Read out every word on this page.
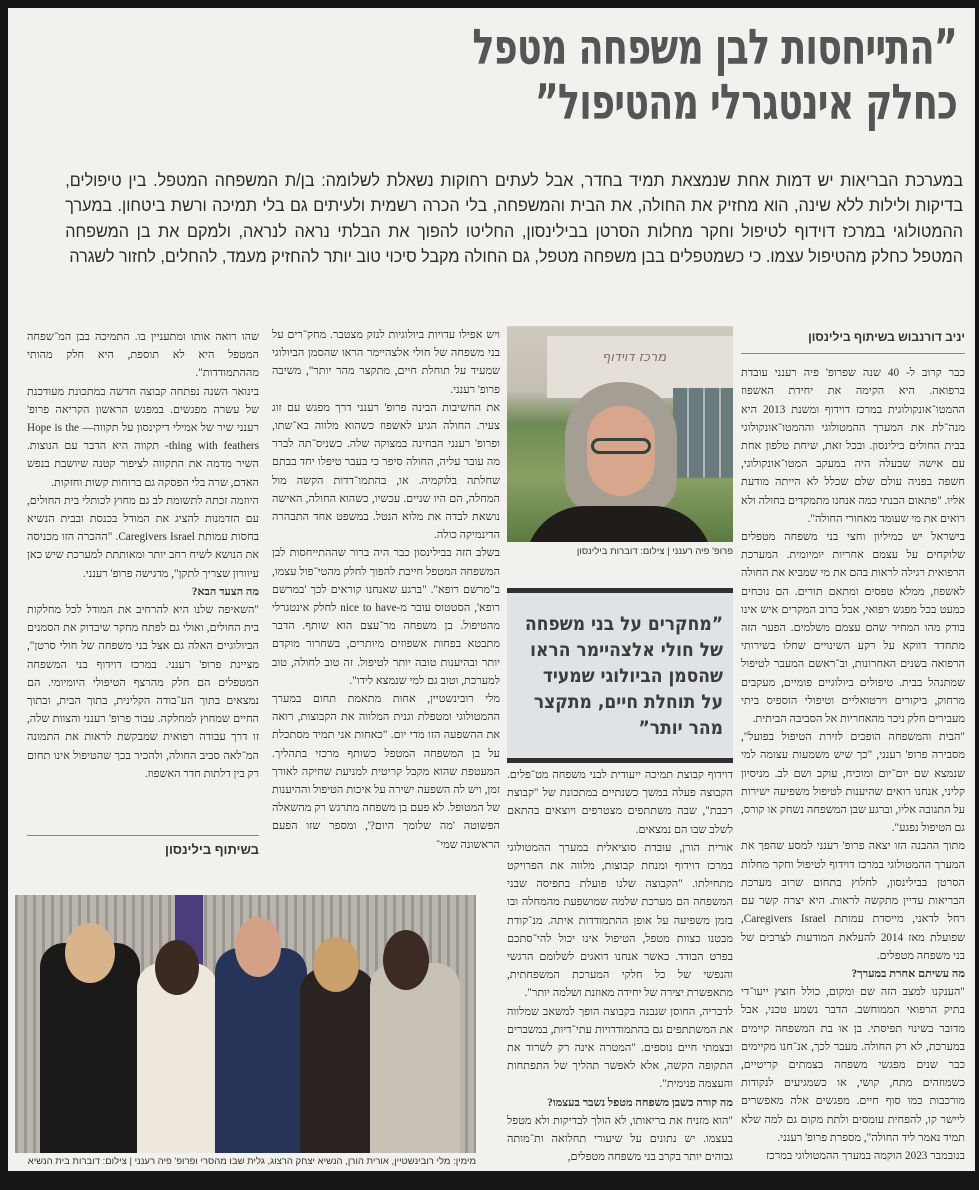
”התייחסות לבן משפחה מטפל
כחלק אינטגרלי מהטיפול”
במערכת הבריאות יש דמות אחת שנמצאת תמיד בחדר, אבל לעתים רחוקות נשאלת לשלומה: בן/ת המשפחה המטפל. בין טיפולים, בדיקות ולילות ללא שינה, הוא מחזיק את החולה, את הבית והמשפחה, בלי הכרה רשמית ולעיתים גם בלי תמיכה ורשת ביטחון. במערך ההמטולוגי במרכז דוידוף לטיפול וחקר מחלות הסרטן בבילינסון, החליטו להפוך את הבלתי נראה לנראה, ולמקם את בן המשפחה המטפל כחלק מהטיפול עצמו. כי כשמטפלים בבן משפחה מטפל, גם החולה מקבל סיכוי טוב יותר להחזיק מעמד, להחלים, לחזור לשגרה
יניב דורנבוש בשיתוף בילינסון

כבר קרוב ל- 40 שנה שפרופ' פיה רענני עובדת ברפואה. היא הקימה את יחידת האשפוז ההמטו־אונקולוגית במרכז דוידוף ומשנת 2013 היא מנה־לת את המערך ההמטולוגי וההמטו־אונקולוגי בבית החולים בילינסון. ובכל זאת, שיחת טלפון אחת עם אישה שבעלה היה במעקב המטו־אונקולוגי, חשפה בפניה עולם שלם שכלל לא הייתה מודעת אליו. "פתאום הבנתי כמה אנחנו מתמקדים בחולה ולא רואים את מי שעומד מאחורי החולה".

בישראל יש כמיליון וחצי בני משפחה מטפלים שלוקחים על עצמם אחריות יומיומית. המערכת הרפואית רגילה לראות בהם את מי שמביא את החולה לאשפוז, ממלא טפסים ומתאם תורים. הם נוכחים כמעט בכל מפגש רפואי, אבל ברוב המקרים איש אינו בודק מהו המחיר שהם עצמם משלמים. הפער הזה מתחדד דווקא על רקע השינויים שחלו בשירותי הרפואה בשנים האחרונות, וב־ראשם המעבר לטיפול שמתנהל בבית. טיפולים ביולוגיים פומיים, מעקבים מרחוק, ביקורים וירטואליים וטיפולי הוספיס ביתי מעבירים חלק ניכר מהאחריות אל הסביבה הביתית.

"הבית והמשפחה הופכים לזירת הטיפול בפועל", מסבירה פרופ' רענני, "כך שיש משמעות עצומה למי שנמצא שם יום־יום ומוכיח, עוקב ושם לב. מניסיון קליני, אנחנו רואים שהיענות לטיפול משפיעה ישירות על התגובה אליו, וברגע שבן המשפחה נשחק או קורס, גם הטיפול נפגע".

מתוך ההבנה הזו יצאה פרופ' רענני למסע שהפך את המערך ההמטולוגי במרכז דוידוף לטיפול וחקר מחלות הסרטן בבילינסון, לחלוץ בתחום שרוב מערכת הבריאות עדיין מתקשה לראות. היא יצרה קשר עם רחל לדאני, מייסדת עמותת Caregivers Israel, שפועלת מאז 2014 להעלאת המודעות לצרכים של בני משפחה מטפלים.

מה עשיתם אחרת במערך?

"הענקנו למצב הזה שם ומקום, כולל חוצץ ייעו־די בתיק הרפואי הממוחשב. הדבר נשמע טכני, אבל מדובר בשינוי תפיסתי. בן או בת המשפחה קיימים במערכת, לא רק החולה. מעבר לכך, אנ־חנו מקיימים כבר שנים מפגשי משפחה בצמתים קריטיים, כשמוזהים מתח, קושי, או כשמגיעים לנקודות מורכבות כמו סוף חיים. מפגשים אלה מאפשרים ליישר קו, להפחית עומסים ולתת מקום גם למה שלא תמיד נאמר ליד החולה", מספרת פרופ' רענני.

בנובמבר 2023 הוקמה במערך ההמטולוגי במרכז

מרכז דוידוף
פרופ' פיה רענני | צילום: דוברות בילינסון
”מחקרים על בני משפחה של חולי אלצהיימר הראו שהסמן הביולוגי שמעיד על תוחלת חיים, מתקצר מהר יותר”

דוידוף קבוצת תמיכה ייעודית לבני משפחה מט־פלים. הקבוצה פעלה במשך כשנתיים במתכונת של "קבוצת רכבת", שבה משתתפים מצטרפים ויוצאים בהתאם לשלב שבו הם נמצאים.

אורית הורן, עובדת סוציאלית במערך ההמטולוגי במרכז דוידוף ומנחת קבוצות, מלווה את הפרויקט מתחילתו. "הקבוצה שלנו פועלת בתפיסה שבני המשפחה הם מערכת שלמה שמושפעת מהמחלה ובו בזמן משפיעה על אופן ההתמודדות איתה. מנ־קודת מבטנו כצוות מטפל, הטיפול אינו יכול להי־סתכם בפרט הבודד. כאשר אנחנו דואגים לשלומם הרגשי והנפשי של כל חלקי המערכת המשפחתית, מתאפשרת יצירה של יחידה מאוזנת ושלמה יותר".

לדבריה, החוסן שנבנה בקבוצה הופך למשאב שמלווה את המשתתפים גם בהתמודדויות עתי־דיות, במשברים ובצמתי חיים נוספים. "המטרה אינה רק לשרוד את התקופה הקשה, אלא לאפשר תהליך של התפתחות והעצמה פנימית".

מה קורה כשבן משפחה מטפל נשבר בעצמו?

"הוא מזניח את בריאותו, לא הולך לבדיקות ולא מטפל בעצמו. יש נתונים על שיעורי תחלואה ות־מותה גבוהים יותר בקרב בני משפחה מטפלים,

ויש אפילו עדויות ביולוגיות לנזק מצטבר. מחק־רים על בני משפחה של חולי אלצהיימר הראו שהסמן הביולוגי שמעיד על תוחלת חיים, מתקצר מהר יותר", משיבה פרופ' רענני.

את החשיבות הבינה פרופ' רענני דרך מפגש עם זוג צעיר. החולה הגיע לאשפוז כשהוא מלווה בא־שתו, ופרופ' רענני הבחינה במצוקה שלה. כשניס־תה לברר מה עובר עליה, החולה סיפר כי בעבר טיפלו יחד בבתם שחלתה בלוקמיה. או, בהתמו־דדות הקשה מול המחלה, הם היו שניים. עכשיו, כשהוא החולה, האישה נושאת לבדה את מלוא הנטל. במשפט אחד התבהרה הדינמיקה כולה.

בשלב הזה בבילינסון כבר היה ברור שההתייחסות לבן המשפחה המטפל חייבת להפוך לחלק מהטי־פול עצמו, ב"מרשם רופא". "ברגע שאנחנו קוראים לכך 'במרשם רופא', הסטטוס עובר מ-nice to have לחלק אינטגרלי מהטיפול. בן משפחה מר־עצם הוא שותף. הדבר מתבטא בפחות אשפוזים מיותרים, בשחרור מוקדם יותר ובהיענות טובה יותר לטיפול. זה טוב לחולה, טוב למערכת, וטוב גם למי שנמצא לידו".

מלי רובינשטיין, אחות מתאמת תחום במערך ההמטולוגי ומטפלת וגנית המלווה את הקבוצות, רואה את ההשפעה הזו מדי יום. "כאחות אני תמיד מסתכלת על בן המשפחה המטפל כשותף מרכזי בתהליך. המעטפת שהוא מקבל קריטית למניעת שחיקה לאורך זמן, ויש לה השפעה ישירה על איכות הטיפול וההיענות של המטופל. לא פעם בן משפחה מתרגש רק מהשאלה הפשוטה 'מה שלומך היום?', ומספר שזו הפעם הראשונה שמי־

שהו רואה אותו ומתעניין בו. התמיכה בבן המ־שפחה המטפל היא לא תוספת, היא חלק מהותי מההתמודדות".

בינואר השנה נפתחה קבוצה חדשה במתכונת מעודכנת של עשרה מפגשים. במפגש הראשון הקריאה פרופ' רענני שיר של אמילי דיקינסון על תקווה— Hope is the thing with feathers- תקווה היא הדבר עם הנוצות. השיר מדמה את התקווה לציפור קטנה שיושבת בנפש האדם, שרה בלי הפסקה גם ברוחות קשות וחזקות.

היוזמה זכתה לתשומת לב גם מחוץ לכותלי בית החולים, עם הזדמנות להציג את המודל בכנסת ובבית הנשיא בחסות עמותת Caregivers Israel. "ההכרה הזו מכניסה את הנושא לשיח רחב יותר ומאותתת למערכת שיש כאן עיוורון שצריך לתקן", מדגישה פרופ' רענני.

מה הצעד הבא?

"השאיפה שלנו היא להרחיב את המודל לכל מחלקות בית החולים, ואולי גם לפתח מחקר שיבדוק את הסמנים הביולוגיים האלה גם אצל בני משפחה של חולי סרטן", מציינת פרופ' רענני. במרכז דוידוף בני המשפחה המטפלים הם חלק מהרצף הטיפולי היומיומי. הם נמצאים בתוך הע־בודה הקלינית, בתוך הבית, ובתוך החיים שמחוץ למחלקה. עבור פרופ' רענני והצוות שלה, זו דרך עבודה רפואית שמבקשת לראות את התמונה המ־לאה סביב החולה, ולהכיר בכך שהטיפול אינו תחום רק בין דלתות חדר האשפוז.

בשיתוף בילינסון
מימין: מלי רובינשטיין, אורית הורן, הנשיא יצחק הרצוג, גלית שבו מהסרי ופרופ' פיה רענני | צילום: דוברות בית הנשיא
